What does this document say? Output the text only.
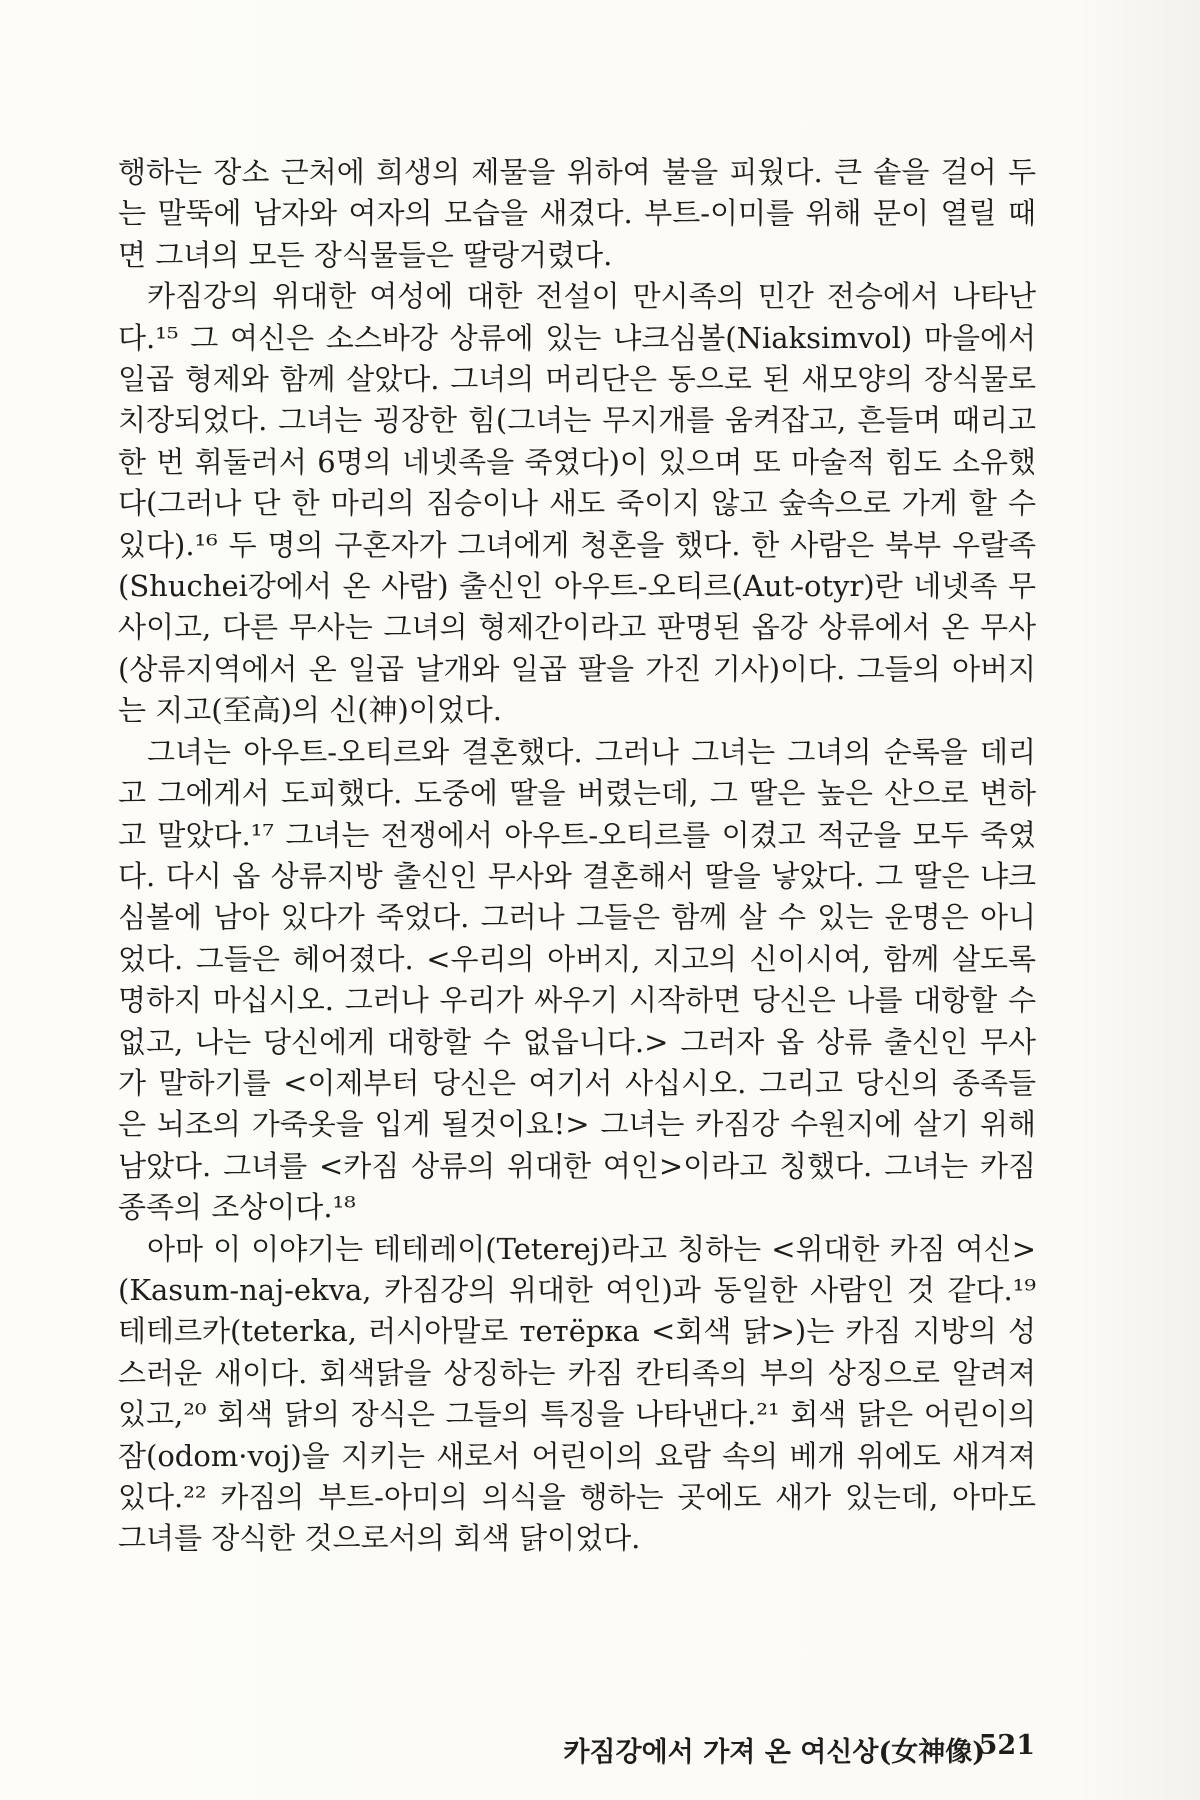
행하는 장소 근처에 희생의 제물을 위하여 불을 피웠다. 큰 솥을 걸어 두는 말뚝에 남자와 여자의 모습을 새겼다. 부트-이미를 위해 문이 열릴 때면 그녀의 모든 장식물들은 딸랑거렸다.

카짐강의 위대한 여성에 대한 전설이 만시족의 민간 전승에서 나타난다.¹⁵ 그 여신은 소스바강 상류에 있는 냐크심볼(Niaksimvol) 마을에서 일곱 형제와 함께 살았다. 그녀의 머리단은 동으로 된 새모양의 장식물로 치장되었다. 그녀는 굉장한 힘(그녀는 무지개를 움켜잡고, 흔들며 때리고 한 번 휘둘러서 6명의 네넷족을 죽였다)이 있으며 또 마술적 힘도 소유했다(그러나 단 한 마리의 짐승이나 새도 죽이지 않고 숲속으로 가게 할 수 있다).¹⁶ 두 명의 구혼자가 그녀에게 청혼을 했다. 한 사람은 북부 우랄족(Shuchei강에서 온 사람) 출신인 아우트-오티르(Aut-otyr)란 네넷족 무사이고, 다른 무사는 그녀의 형제간이라고 판명된 옵강 상류에서 온 무사(상류지역에서 온 일곱 날개와 일곱 팔을 가진 기사)이다. 그들의 아버지는 지고(至高)의 신(神)이었다.

그녀는 아우트-오티르와 결혼했다. 그러나 그녀는 그녀의 순록을 데리고 그에게서 도피했다. 도중에 딸을 버렸는데, 그 딸은 높은 산으로 변하고 말았다.¹⁷ 그녀는 전쟁에서 아우트-오티르를 이겼고 적군을 모두 죽였다. 다시 옵 상류지방 출신인 무사와 결혼해서 딸을 낳았다. 그 딸은 냐크심볼에 남아 있다가 죽었다. 그러나 그들은 함께 살 수 있는 운명은 아니었다. 그들은 헤어졌다. <우리의 아버지, 지고의 신이시여, 함께 살도록 명하지 마십시오. 그러나 우리가 싸우기 시작하면 당신은 나를 대항할 수 없고, 나는 당신에게 대항할 수 없읍니다.> 그러자 옵 상류 출신인 무사가 말하기를 <이제부터 당신은 여기서 사십시오. 그리고 당신의 종족들은 뇌조의 가죽옷을 입게 될것이요!> 그녀는 카짐강 수원지에 살기 위해 남았다. 그녀를 <카짐 상류의 위대한 여인>이라고 칭했다. 그녀는 카짐 종족의 조상이다.¹⁸

아마 이 이야기는 테테레이(Teterej)라고 칭하는 <위대한 카짐 여신>(Kasum-naj-ekva, 카짐강의 위대한 여인)과 동일한 사람인 것 같다.¹⁹ 테테르카(teterka, 러시아말로 тетёрка <회색 닭>)는 카짐 지방의 성스러운 새이다. 회색닭을 상징하는 카짐 칸티족의 부의 상징으로 알려져 있고,²⁰ 회색 닭의 장식은 그들의 특징을 나타낸다.²¹ 회색 닭은 어린이의 잠(odom·voj)을 지키는 새로서 어린이의 요람 속의 베개 위에도 새겨져 있다.²² 카짐의 부트-아미의 의식을 행하는 곳에도 새가 있는데, 아마도 그녀를 장식한 것으로서의 회색 닭이었다.

카짐강에서 가져 온 여신상(女神像)
521
